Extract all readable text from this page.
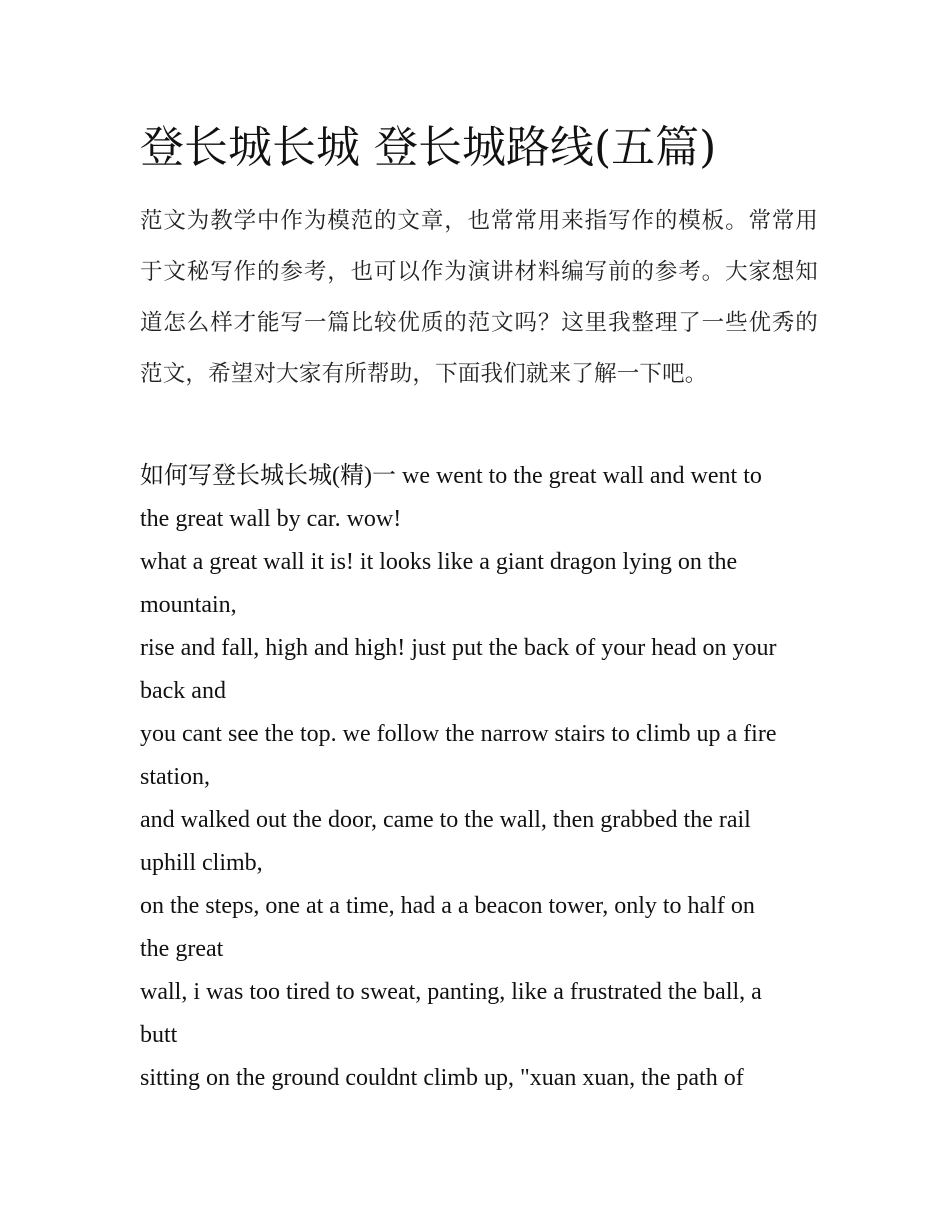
登长城长城 登长城路线(五篇)

范文为教学中作为模范的文章，也常常用来指写作的模板。常常用于文秘写作的参考，也可以作为演讲材料编写前的参考。大家想知道怎么样才能写一篇比较优质的范文吗？这里我整理了一些优秀的范文，希望对大家有所帮助，下面我们就来了解一下吧。

如何写登长城长城(精)一 we went to the great wall and went to
the great wall by car. wow!
what a great wall it is! it looks like a giant dragon lying on the
mountain,
rise and fall, high and high! just put the back of your head on your
back and
you cant see the top. we follow the narrow stairs to climb up a fire
station,
and walked out the door, came to the wall, then grabbed the rail
uphill climb,
on the steps, one at a time, had a a beacon tower, only to half on
the great
wall, i was too tired to sweat, panting, like a frustrated the ball, a
butt
sitting on the ground couldnt climb up, "xuan xuan, the path of
